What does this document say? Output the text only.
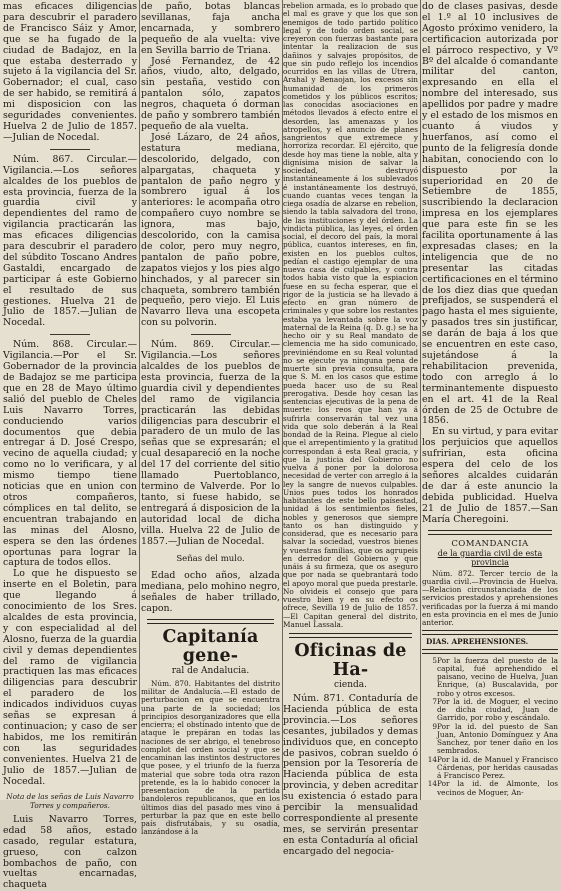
mas eficaces diligencias para descubrir el paradero de Francisco Sáiz y Amor, que se ha fugado de la ciudad de Badajoz, en la que estaba desterrado y sujeto á la vigilancia del Sr. Gobernador; el cual, caso de ser habido, se remitirá á mi disposicion con las seguridades convenientes. Huelva 2 de Julio de 1857.—Julian de Nocedal.

Núm. 867. Circular.—Vigilancia.—Los señores alcaldes de los pueblos de esta provincia, fuerza de la guardia civil y dependientes del ramo de vigilancia practicarán las mas eficaces diligencias para descubrir el paradero del súbdito Toscano Andres Gastaldi, encargado de participar á este Gobierno el resultado de sus gestiones. Huelva 21 de Julio de 1857.—Julian de Nocedal.

Núm. 868. Circular.—Vigilancia.—Por el Sr. Gobernador de la provincia de Badajoz se me participa que en 28 de Mayo último salió del pueblo de Cheles Luis Navarro Torres, conduciendo varios documentos que debia entregar á D. José Crespo, vecino de aquella ciudad; y como no lo verificara, y al mismo tiempo tiene noticias que en union con otros compañeros, cómplices en tal delito, se encuentran trabajando en las minas del Alosno, espera se den las órdenes oportunas para lograr la captura de todos ellos.

Lo que he dispuesto se inserte en el Boletin, para que llegando á conocimiento de los Sres. alcaldes de esta provincia, y con especialidad al del Alosno, fuerza de la guardia civil y demas dependientes del ramo de vigilancia practiquen las mas eficaces diligencias para descubrir el paradero de los indicados individuos cuyas señas se expresan á continuacion; y caso de ser habidos, me los remitirán con las seguridades convenientes. Huelva 21 de Julio de 1857.—Julian de Nocedal.

Nota de las señas de Luis Navarro Torres y compañeros.

Luis Navarro Torres, edad 58 años, estado casado, regular estatura, grueso, con calzon bombachos de paño, con vueltas encarnadas, chaqueta

de paño, botas blancas sevillanas, faja ancha encarnada, y sombrero pequeño de ala vuelta: vive en Sevilla barrio de Triana.

José Fernandez, de 42 años, viudo, alto, delgado, sin pestaña, vestido con pantalon sólo, zapatos negros, chaqueta ó dorman de paño y sombrero también pequeño de ala vuelta.

José Lázaro, de 24 años, estatura mediana, descolorido, delgado, con alpargatas, chaqueta y pantalon de paño negro y sombrero igual á los anteriores: le acompaña otro compañero cuyo nombre se ignora, mas bajo, descolorido, con la camisa de color, pero muy negro, pantalon de paño pobre, zapatos viejos y los pies algo hinchados, y al parecer sin chaqueta, sombrero también pequeño, pero viejo. El Luis Navarro lleva una escopeta con su polvorin.

Núm. 869. Circular.—Vigilancia.—Los señores alcaldes de los pueblos de esta provincia, fuerza de la guardia civil y dependientes del ramo de vigilancia practicarán las debidas diligencias para descubrir el paradero de un mulo de las señas que se expresarán; el cual desapareció en la noche del 17 del corriente del sitio llamado Puertoblanco, termino de Valverde. Por lo tanto, si fuese habido, se entregará á disposicion de la autoridad local de dicha villa. Huelva 22 de Julio de 1857.—Julian de Nocedal.

Señas del mulo.

Edad ocho años, alzada mediana, pelo mohino negro, señales de haber trillado, capon.

Capitanía gene-
ral de Andalucia.

Núm. 870. Habitantes del distrito militar de Andalucía.—El estado de perturbacion en que se encuentra una parte de la sociedad; los principios desorganizadores que ella encierra; el obstinado intento que de ataque le prepáran en todas las naciones de ser abrigo, el tenebroso complot del orden social y que se encaminan las instintos destructores que posee, y el triunfo de la fuerza material que sobre toda otra razon pretende, es la lo habido conocer la presentacion de la partida bandoleros republicanos, que en los últimos dias del pasado mes vino á perturbar la paz que en este bello país disfrutábais, y su osadía, lanzándose á la

rebelion armada, es lo probado que el mal es grave y que los que son enemigos de todo partido político legal y de todo orden social, se creyeron con fuerzas bastante para intentar la realizacion de sus dañinos y salvajes propósitos, de que sin pudo reflejo los incendios ocurridos en las villas de Utrera, Arahal y Benaojan, los excesos sin humanidad de los primeros cometidos y los públicos escritos; las conocidas asociaciones en métodos llevados á efecto entre el desorden, las amenazas y los atropellos, y el anuncio de planes sangrientos que extremece y horroriza recordar. El ejército, que desde hoy mas tiene la noble, alta y dignísima mision de salvar la sociedad, destruyó instantáneamente á los sublevados é instantáneamente los destruyó, cuando cuantas veces tengan la ciega osadía de alzarse en rebelion, siendo la tabla salvadora del trono, de las instituciones y del órden. La vindicta pública, las leyes, el órden social, el decoro del país, la moral pública, cuantos intereses, en fin, existen en los pueblos cultos, pedían el castigo ejemplar de una nueva casa de culpables, y contra todos habia visto que la espiacion fuese en su fecha esperar, que el rigor de la justicia se ha llevado á efecto en gran número de criminales y que sobre los restantes estaba ya levantada sobre la voz maternal de la Reina (q. D. g.) se ha hecho oir y su Real mandato de clemencia me ha sido comunicado, previniéndome en su Real voluntad no se ejecute ya ninguna pena de muerte sin previa consulta, para que S. M. en los casos que estime pueda hacer uso de su Real prerogativa. Desde hoy cesan las sentencias ejecutivas de la pena de muerte: los reos que han ya á sufrirla conservarán tal vez una vida que solo deberán á la Real bondad de la Reina. Plegue al cielo que el arrepentimiento y la gratitud correspondan á esta Real gracia, y que la justicia del Gobierno no vuelva á poner por la dolorosa necesidad de verter con arreglo á la ley la sangre de nuevos culpables. Unios pues todos los honrados habitantes de este bello paísestad, unidad á los sentimientos fieles, nobles y generosos que siempre tanto os han distinguido y considerad, que es necesario para salvar la sociedad, vuestros bienes y vuestras familias, que os agrupeis en derredor del Gobierno y que unáis á su firmeza, que os aseguro que por nada se quebrantará todo el apoyo moral que pueda prestarle. No olvideis el consejo que para vuestro bien y en su efecto os ofrece, Sevilla 19 de Julio de 1857.—El Capitan general del distrito, Manuel Lassala.

Oficinas de Ha-
cienda.

Núm. 871. Contaduría de Hacienda pública de esta provincia.—Los señores cesantes, jubilados y demas individuos que, en concepto de pasivos, cobran sueldo ó pension por la Tesorería de Hacienda pública de esta provincia, y deben acreditar su existencia ó estado para percibir la mensualidad correspondiente al presente mes, se servirán presentar en esta Contaduría al oficial encargado del negocia-

do de clases pasivas, desde el 1.º al 10 inclusives de Agosto próximo venidero, la certificacion autorizada por el párroco respectivo, y Vº Bº del alcalde ó comandante militar del canton, expresando en ella el nombre del interesado, sus apellidos por padre y madre y el estado de los mismos en cuanto á viudos y huerfanos, así como el punto de la feligresía donde habitan, conociendo con lo dispuesto por la superioridad en 20 de Setiembre de 1855, suscribiendo la declaracion impresa en los ejemplares que para este fin se les facilita oportunamente á las expresadas clases; en la inteligencia que de no presentar las citadas certificaciones en el término de los diez dias que quedan prefijados, se suspenderá el pago hasta el mes siguiente, y pasados tres sin justificar, se darán de baja á los que se encuentren en este caso, sujetándose á la rehabilitacion prevenida, todo con arreglo á lo terminantemente dispuesto en el art. 41 de la Real órden de 25 de Octubre de 1856.

En su virtud, y para evitar los perjuicios que aquellos sufririan, esta oficina espera del celo de los señores alcaldes cuidarán de dar á este anuncio la debida publicidad. Huelva 21 de Julio de 1857.—San María Cheregoini.

COMANDANCIA
de la guardia civil de esta provincia

Núm. 872. Tercer tercio de la guardia civil.—Provincia de Huelva.—Relacion circunstanciada de los servicios prestados y aprehensiones verificadas por la fuerza á mi mando en esta provincia en el mes de Junio anterior.

DIAS. APREHENSIONES.
5	Por la fuerza del puesto de la capital, fué aprehendido el paisano, vecino de Huelva, Juan Enrique, (a) Buscalavida, por robo y otros excesos.
7	Por la id. de Moguer, el vecino de dicha ciudad, Juan de Garrido, por robo y escándalo.
9	Por la id. del puesto de San Juan, Antonio Domínguez y Ana Sanchez, por tener daño en los sembrados.
14	Por la id. de Manuel y Francisco Cárdenas, por heridas causadas á Francisco Perez.
14	Por la id. de Almonte, los vecinos de Moguer, An-
